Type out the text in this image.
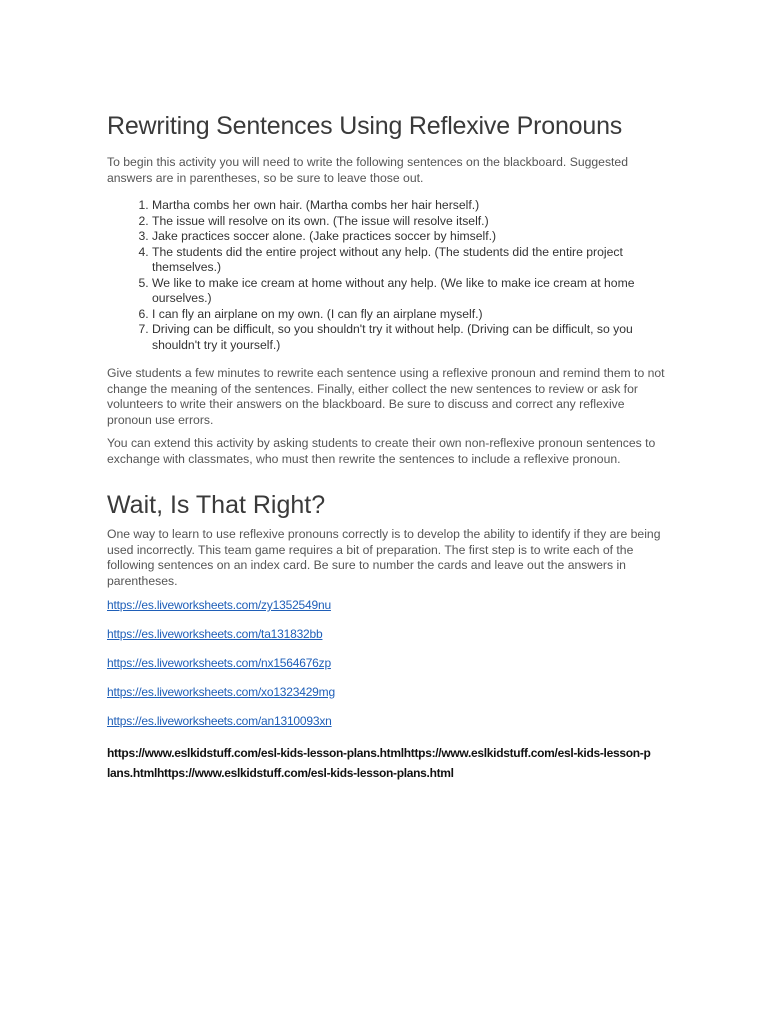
Rewriting Sentences Using Reflexive Pronouns

To begin this activity you will need to write the following sentences on the blackboard. Suggested answers are in parentheses, so be sure to leave those out.

1. Martha combs her own hair. (Martha combs her hair herself.)
2. The issue will resolve on its own. (The issue will resolve itself.)
3. Jake practices soccer alone. (Jake practices soccer by himself.)
4. The students did the entire project without any help. (The students did the entire project themselves.)
5. We like to make ice cream at home without any help. (We like to make ice cream at home ourselves.)
6. I can fly an airplane on my own. (I can fly an airplane myself.)
7. Driving can be difficult, so you shouldn't try it without help. (Driving can be difficult, so you shouldn't try it yourself.)

Give students a few minutes to rewrite each sentence using a reflexive pronoun and remind them to not change the meaning of the sentences. Finally, either collect the new sentences to review or ask for volunteers to write their answers on the blackboard. Be sure to discuss and correct any reflexive pronoun use errors.

You can extend this activity by asking students to create their own non-reflexive pronoun sentences to exchange with classmates, who must then rewrite the sentences to include a reflexive pronoun.

Wait, Is That Right?

One way to learn to use reflexive pronouns correctly is to develop the ability to identify if they are being used incorrectly. This team game requires a bit of preparation. The first step is to write each of the following sentences on an index card. Be sure to number the cards and leave out the answers in parentheses.

https://es.liveworksheets.com/zy1352549nu
https://es.liveworksheets.com/ta131832bb
https://es.liveworksheets.com/nx1564676zp
https://es.liveworksheets.com/xo1323429mg
https://es.liveworksheets.com/an1310093xn
https://www.eslkidstuff.com/esl-kids-lesson-plans.htmlhttps://www.eslkidstuff.com/esl-kids-lesson-plans.htmlhttps://www.eslkidstuff.com/esl-kids-lesson-plans.html
